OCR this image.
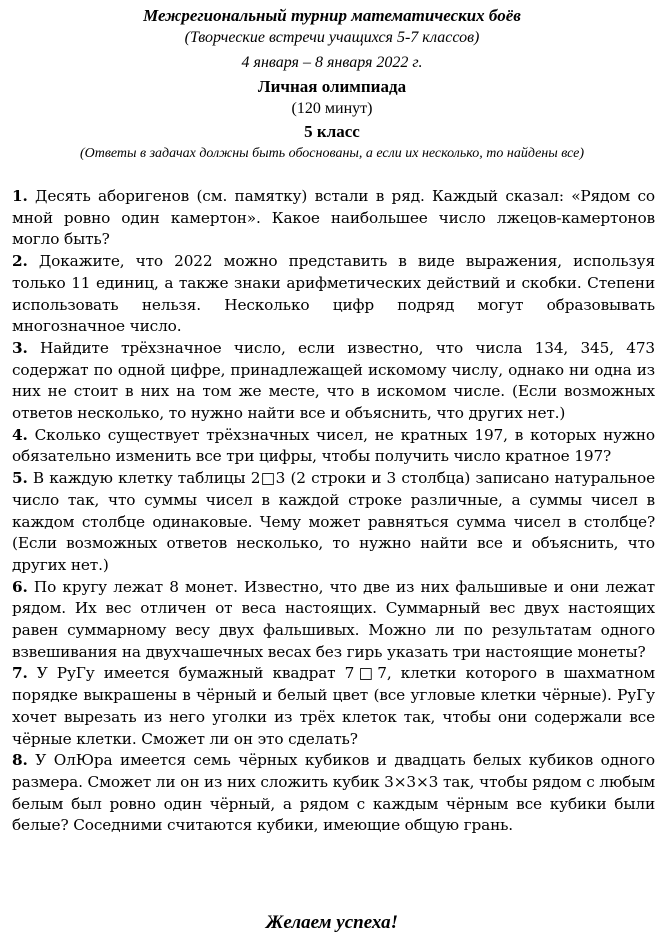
Межрегиональный турнир математических боёв
(Творческие встречи учащихся 5-7 классов)
4 января – 8 января 2022 г.
Личная олимпиада
(120 минут)
5 класс
(Ответы в задачах должны быть обоснованы, а если их несколько, то найдены все)

1. Десять аборигенов (см. памятку) встали в ряд. Каждый сказал: «Рядом со мной ровно один камертон». Какое наибольшее число лжецов-камертонов могло быть?

2. Докажите, что 2022 можно представить в виде выражения, используя только 11 единиц, а также знаки арифметических действий и скобки. Степени использовать нельзя. Несколько цифр подряд могут образовывать многозначное число.

3. Найдите трёхзначное число, если известно, что числа 134, 345, 473 содержат по одной цифре, принадлежащей искомому числу, однако ни одна из них не стоит в них на том же месте, что в искомом числе. (Если возможных ответов несколько, то нужно найти все и объяснить, что других нет.)

4. Сколько существует трёхзначных чисел, не кратных 197, в которых нужно обязательно изменить все три цифры, чтобы получить число кратное 197?

5. В каждую клетку таблицы 2□3 (2 строки и 3 столбца) записано натуральное число так, что суммы чисел в каждой строке различные, а суммы чисел в каждом столбце одинаковые. Чему может равняться сумма чисел в столбце? (Если возможных ответов несколько, то нужно найти все и объяснить, что других нет.)

6. По кругу лежат 8 монет. Известно, что две из них фальшивые и они лежат рядом. Их вес отличен от веса настоящих. Суммарный вес двух настоящих равен суммарному весу двух фальшивых. Можно ли по результатам одного взвешивания на двухчашечных весах без гирь указать три настоящие монеты?

7. У РуГу имеется бумажный квадрат 7□7, клетки которого в шахматном порядке выкрашены в чёрный и белый цвет (все угловые клетки чёрные). РуГу хочет вырезать из него уголки из трёх клеток так, чтобы они содержали все чёрные клетки. Сможет ли он это сделать?

8. У ОлЮра имеется семь чёрных кубиков и двадцать белых кубиков одного размера. Сможет ли он из них сложить кубик 3×3×3 так, чтобы рядом с любым белым был ровно один чёрный, а рядом с каждым чёрным все кубики были белые? Соседними считаются кубики, имеющие общую грань.

Желаем успеха!
